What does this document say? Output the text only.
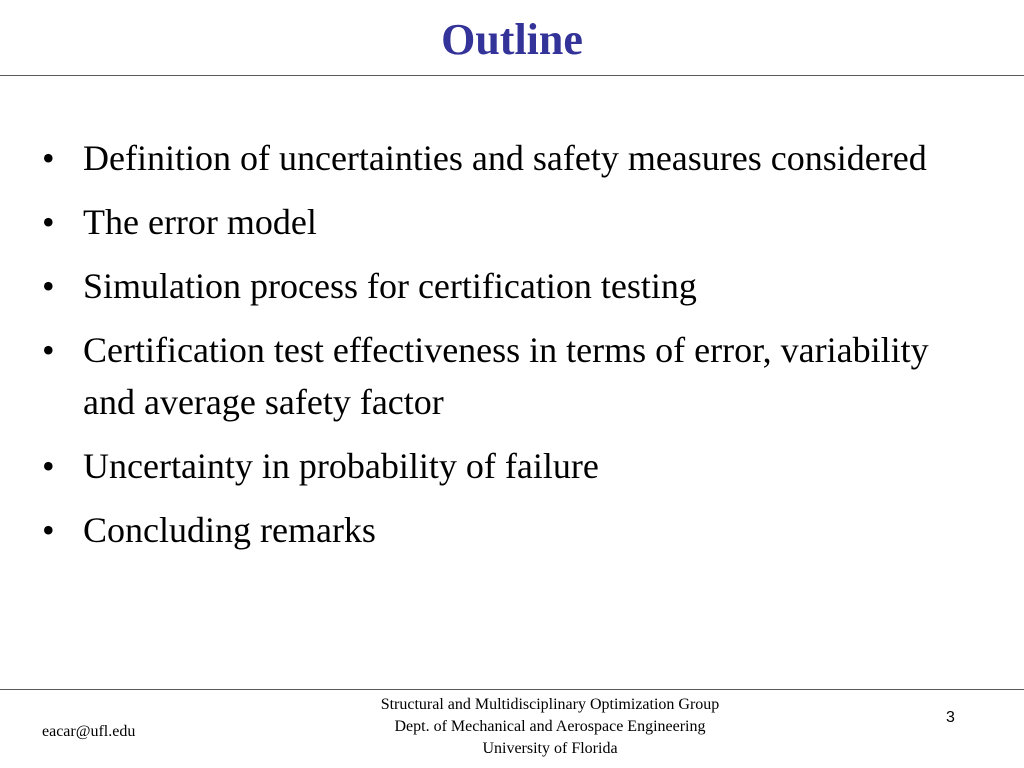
Outline
• Definition of uncertainties and safety measures considered
• The error model
• Simulation process for certification testing
• Certification test effectiveness in terms of error, variability and average safety factor
• Uncertainty in probability of failure
• Concluding remarks
eacar@ufl.edu
Structural and Multidisciplinary Optimization Group
Dept. of Mechanical and Aerospace Engineering
University of Florida
3
